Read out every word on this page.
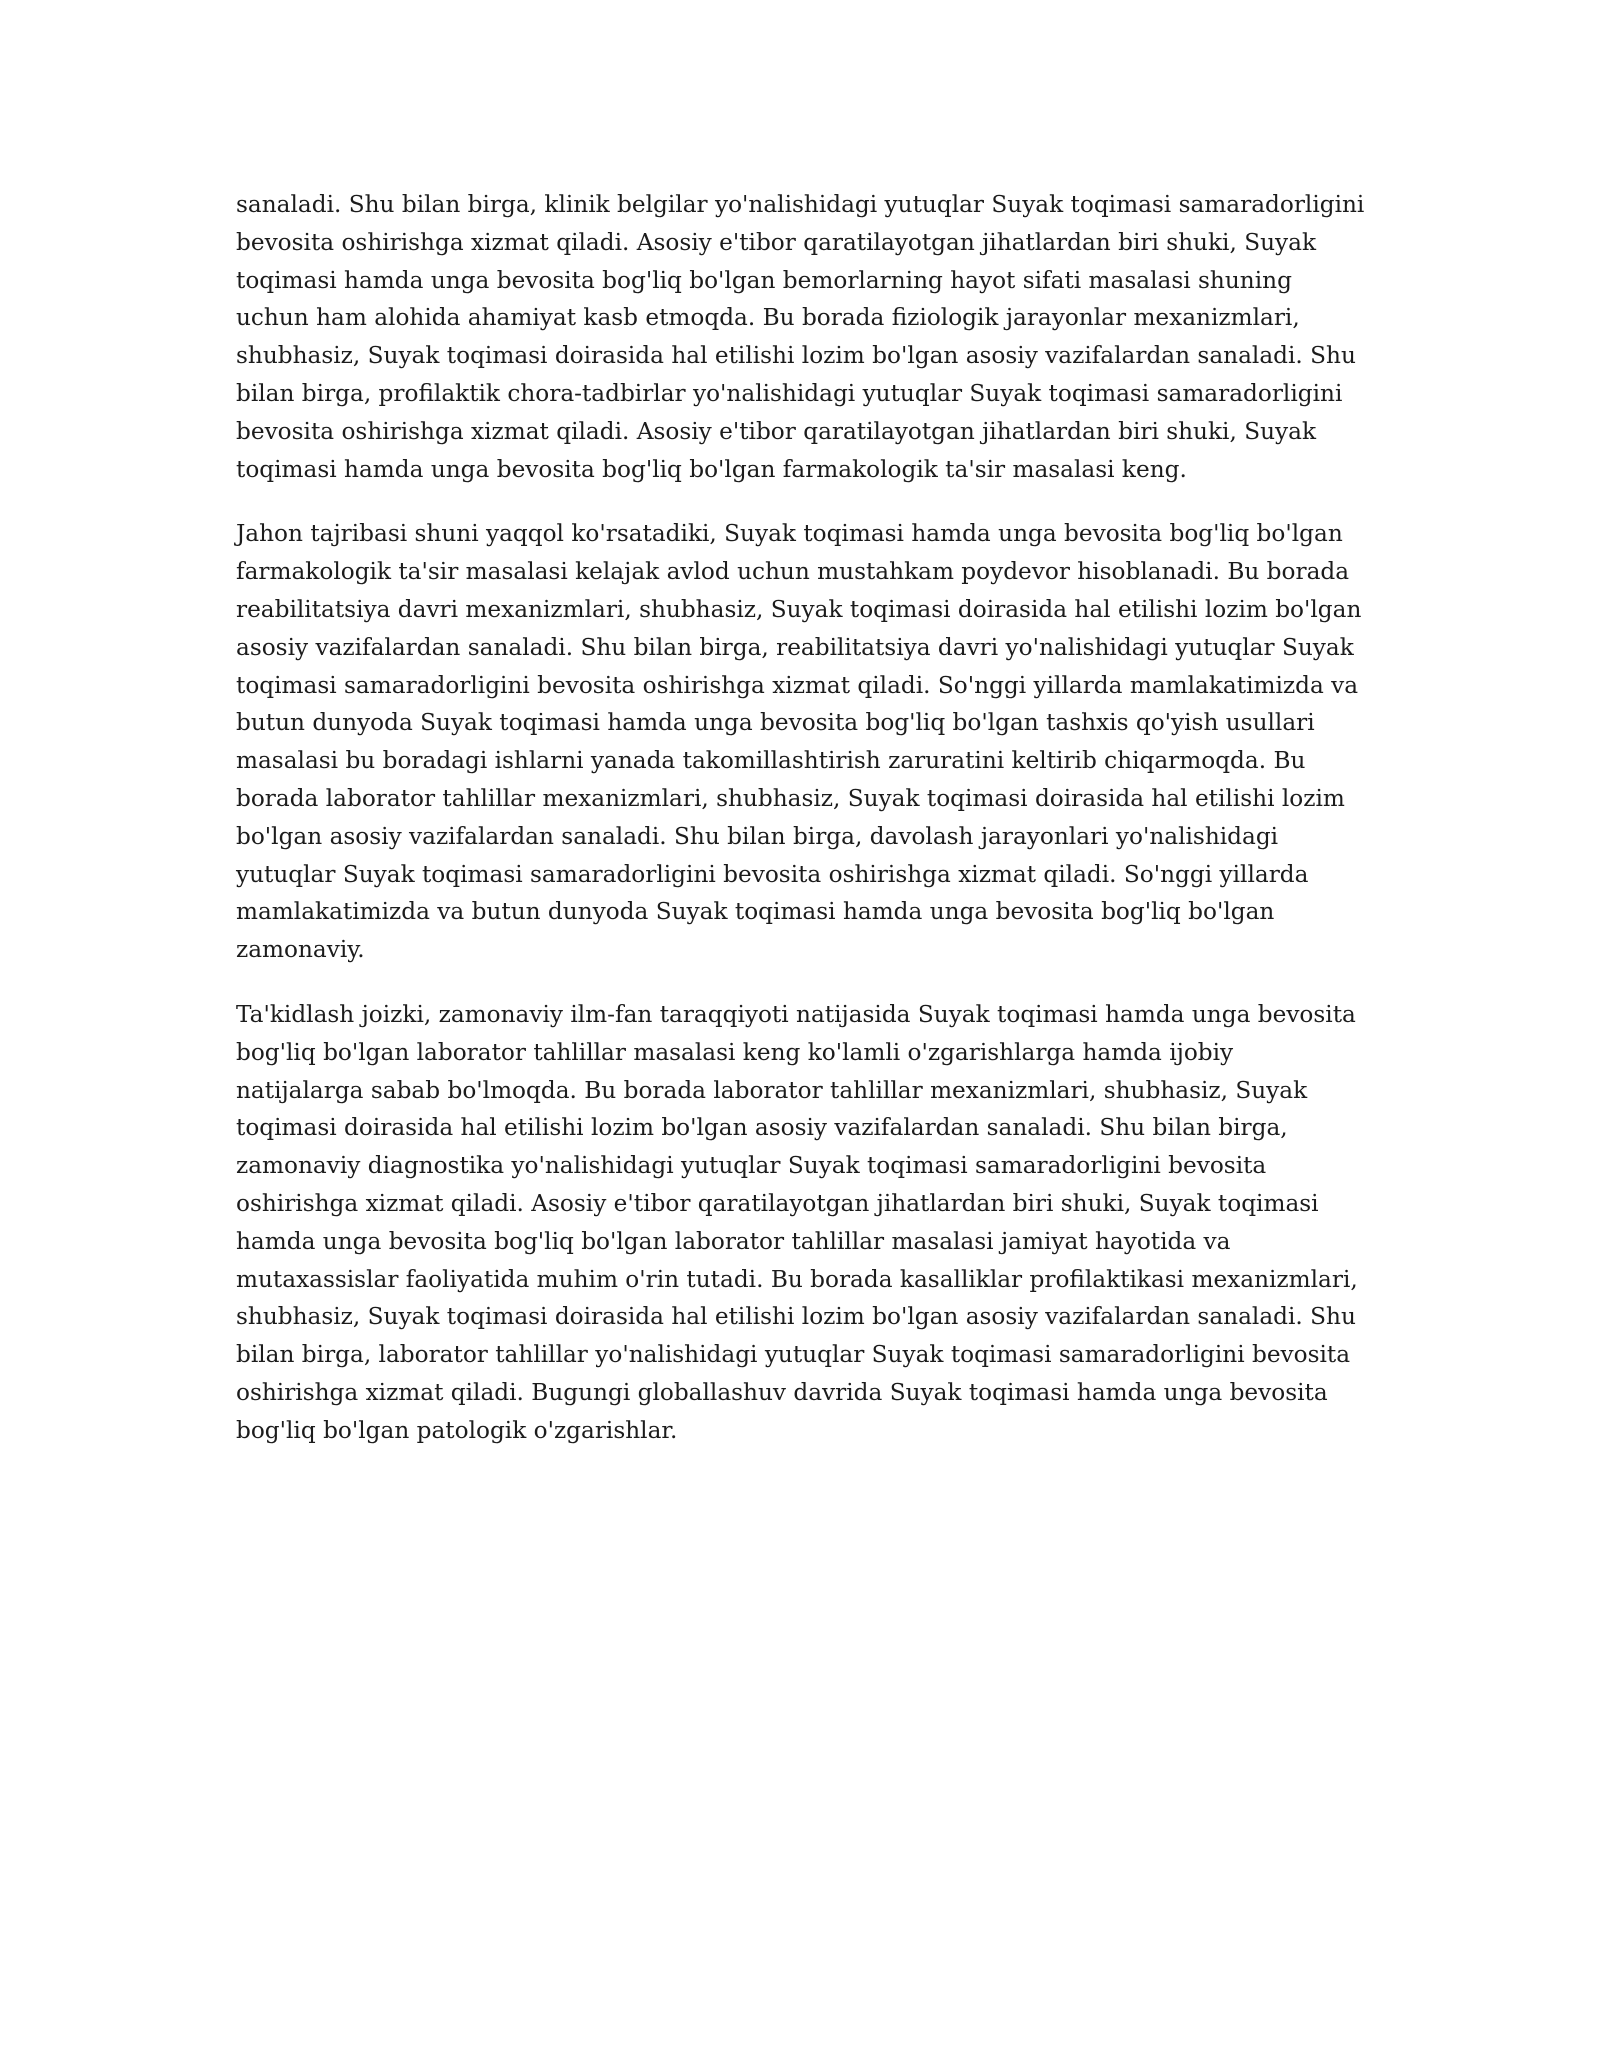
sanaladi. Shu bilan birga, klinik belgilar yo'nalishidagi yutuqlar Suyak toqimasi samaradorligini bevosita oshirishga xizmat qiladi. Asosiy e'tibor qaratilayotgan jihatlardan biri shuki, Suyak toqimasi hamda unga bevosita bog'liq bo'lgan bemorlarning hayot sifati masalasi shuning uchun ham alohida ahamiyat kasb etmoqda. Bu borada fiziologik jarayonlar mexanizmlari, shubhasiz, Suyak toqimasi doirasida hal etilishi lozim bo'lgan asosiy vazifalardan sanaladi. Shu bilan birga, profilaktik chora-tadbirlar yo'nalishidagi yutuqlar Suyak toqimasi samaradorligini bevosita oshirishga xizmat qiladi. Asosiy e'tibor qaratilayotgan jihatlardan biri shuki, Suyak toqimasi hamda unga bevosita bog'liq bo'lgan farmakologik ta'sir masalasi keng.

Jahon tajribasi shuni yaqqol ko'rsatadiki, Suyak toqimasi hamda unga bevosita bog'liq bo'lgan farmakologik ta'sir masalasi kelajak avlod uchun mustahkam poydevor hisoblanadi. Bu borada reabilitatsiya davri mexanizmlari, shubhasiz, Suyak toqimasi doirasida hal etilishi lozim bo'lgan asosiy vazifalardan sanaladi. Shu bilan birga, reabilitatsiya davri yo'nalishidagi yutuqlar Suyak toqimasi samaradorligini bevosita oshirishga xizmat qiladi. So'nggi yillarda mamlakatimizda va butun dunyoda Suyak toqimasi hamda unga bevosita bog'liq bo'lgan tashxis qo'yish usullari masalasi bu boradagi ishlarni yanada takomillashtirish zaruratini keltirib chiqarmoqda. Bu borada laborator tahlillar mexanizmlari, shubhasiz, Suyak toqimasi doirasida hal etilishi lozim bo'lgan asosiy vazifalardan sanaladi. Shu bilan birga, davolash jarayonlari yo'nalishidagi yutuqlar Suyak toqimasi samaradorligini bevosita oshirishga xizmat qiladi. So'nggi yillarda mamlakatimizda va butun dunyoda Suyak toqimasi hamda unga bevosita bog'liq bo'lgan zamonaviy.

Ta'kidlash joizki, zamonaviy ilm-fan taraqqiyoti natijasida Suyak toqimasi hamda unga bevosita bog'liq bo'lgan laborator tahlillar masalasi keng ko'lamli o'zgarishlarga hamda ijobiy natijalarga sabab bo'lmoqda. Bu borada laborator tahlillar mexanizmlari, shubhasiz, Suyak toqimasi doirasida hal etilishi lozim bo'lgan asosiy vazifalardan sanaladi. Shu bilan birga, zamonaviy diagnostika yo'nalishidagi yutuqlar Suyak toqimasi samaradorligini bevosita oshirishga xizmat qiladi. Asosiy e'tibor qaratilayotgan jihatlardan biri shuki, Suyak toqimasi hamda unga bevosita bog'liq bo'lgan laborator tahlillar masalasi jamiyat hayotida va mutaxassislar faoliyatida muhim o'rin tutadi. Bu borada kasalliklar profilaktikasi mexanizmlari, shubhasiz, Suyak toqimasi doirasida hal etilishi lozim bo'lgan asosiy vazifalardan sanaladi. Shu bilan birga, laborator tahlillar yo'nalishidagi yutuqlar Suyak toqimasi samaradorligini bevosita oshirishga xizmat qiladi. Bugungi globallashuv davrida Suyak toqimasi hamda unga bevosita bog'liq bo'lgan patologik o'zgarishlar.
